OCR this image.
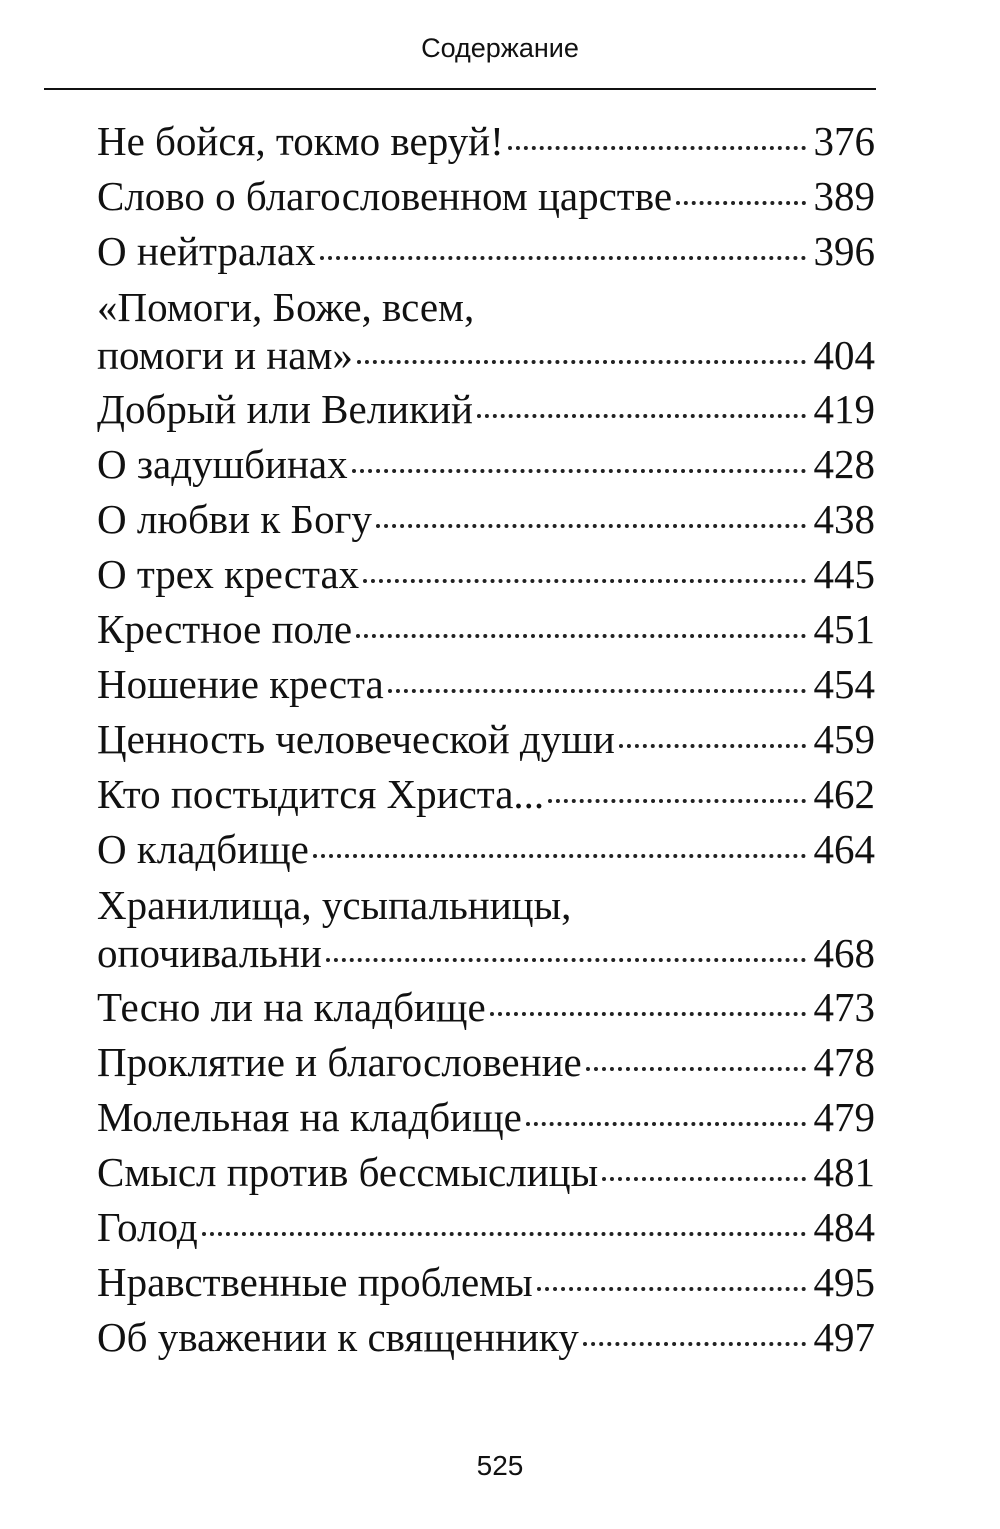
Содержание
Не бойся, токмо веруй!	376
Слово о благословенном царстве	389
О нейтралах	396
«Помоги, Боже, всем,
помоги и нам»	404
Добрый или Великий	419
О задушбинах	428
О любви к Богу	438
О трех крестах	445
Крестное поле	451
Ношение креста	454
Ценность человеческой души	459
Кто постыдится Христа...	462
О кладбище	464
Хранилища, усыпальницы,
опочивальни	468
Тесно ли на кладбище	473
Проклятие и благословение	478
Молельная на кладбище	479
Смысл против бессмыслицы	481
Голод	484
Нравственные проблемы	495
Об уважении к священнику	497
525
